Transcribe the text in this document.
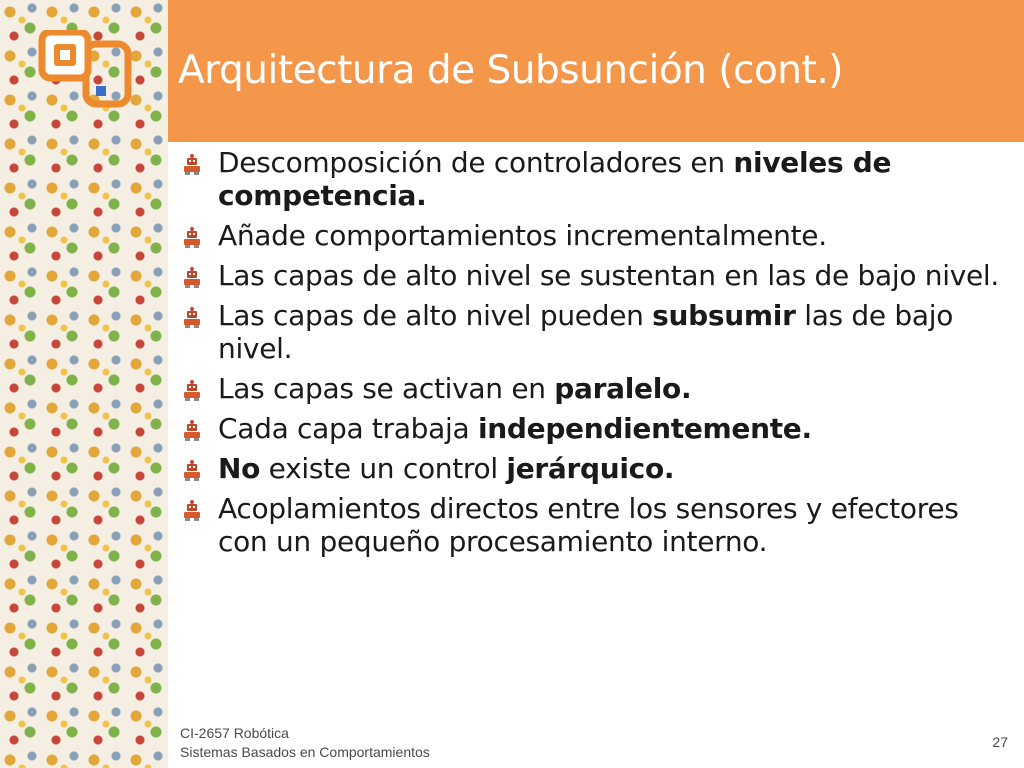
Arquitectura de Subsunción (cont.)
Descomposición de controladores en niveles de competencia.
Añade comportamientos incrementalmente.
Las capas de alto nivel se sustentan en las de bajo nivel.
Las capas de alto nivel pueden subsumir las de bajo nivel.
Las capas se activan en paralelo.
Cada capa trabaja independientemente.
No existe un control jerárquico.
Acoplamientos directos entre los sensores y efectores con un pequeño procesamiento interno.
CI-2657 Robótica
Sistemas Basados en Comportamientos
27
